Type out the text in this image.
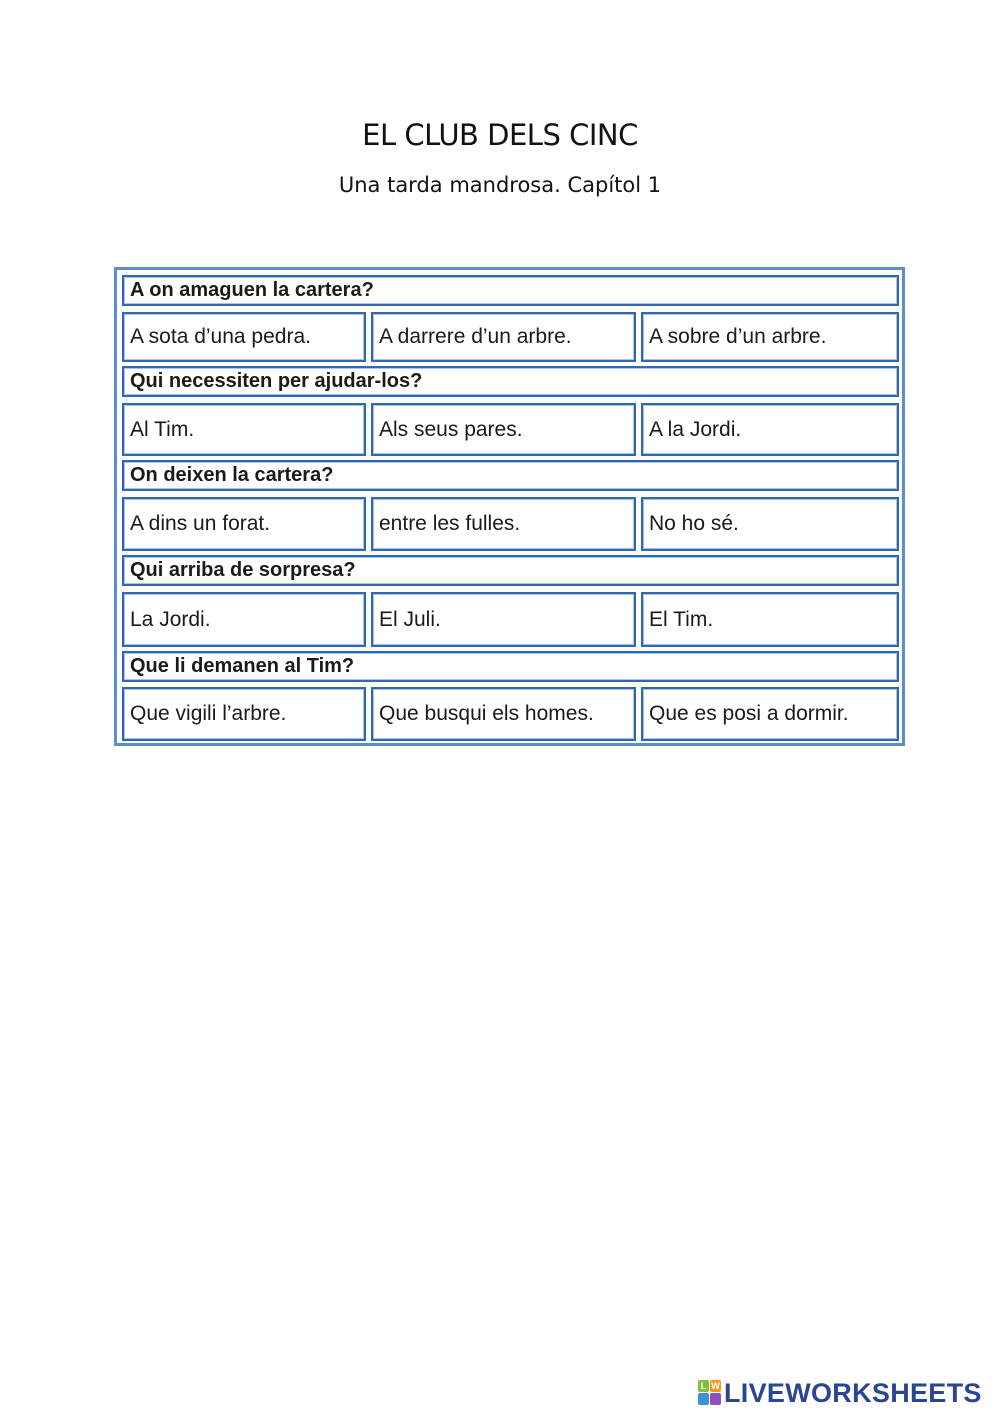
EL CLUB DELS CINC
Una tarda mandrosa. Capítol 1
A on amaguen la cartera?
A sota d’una pedra.	A darrere d’un arbre.	A sobre d’un arbre.
Qui necessiten per ajudar-los?
Al Tim.	Als seus pares.	A la Jordi.
On deixen la cartera?
A dins un forat.	entre les fulles.	No ho sé.
Qui arriba de sorpresa?
La Jordi.	El Juli.	El Tim.
Que li demanen al Tim?
Que vigili l’arbre.	Que busqui els homes.	Que es posi a dormir.
L W LIVEWORKSHEETS
